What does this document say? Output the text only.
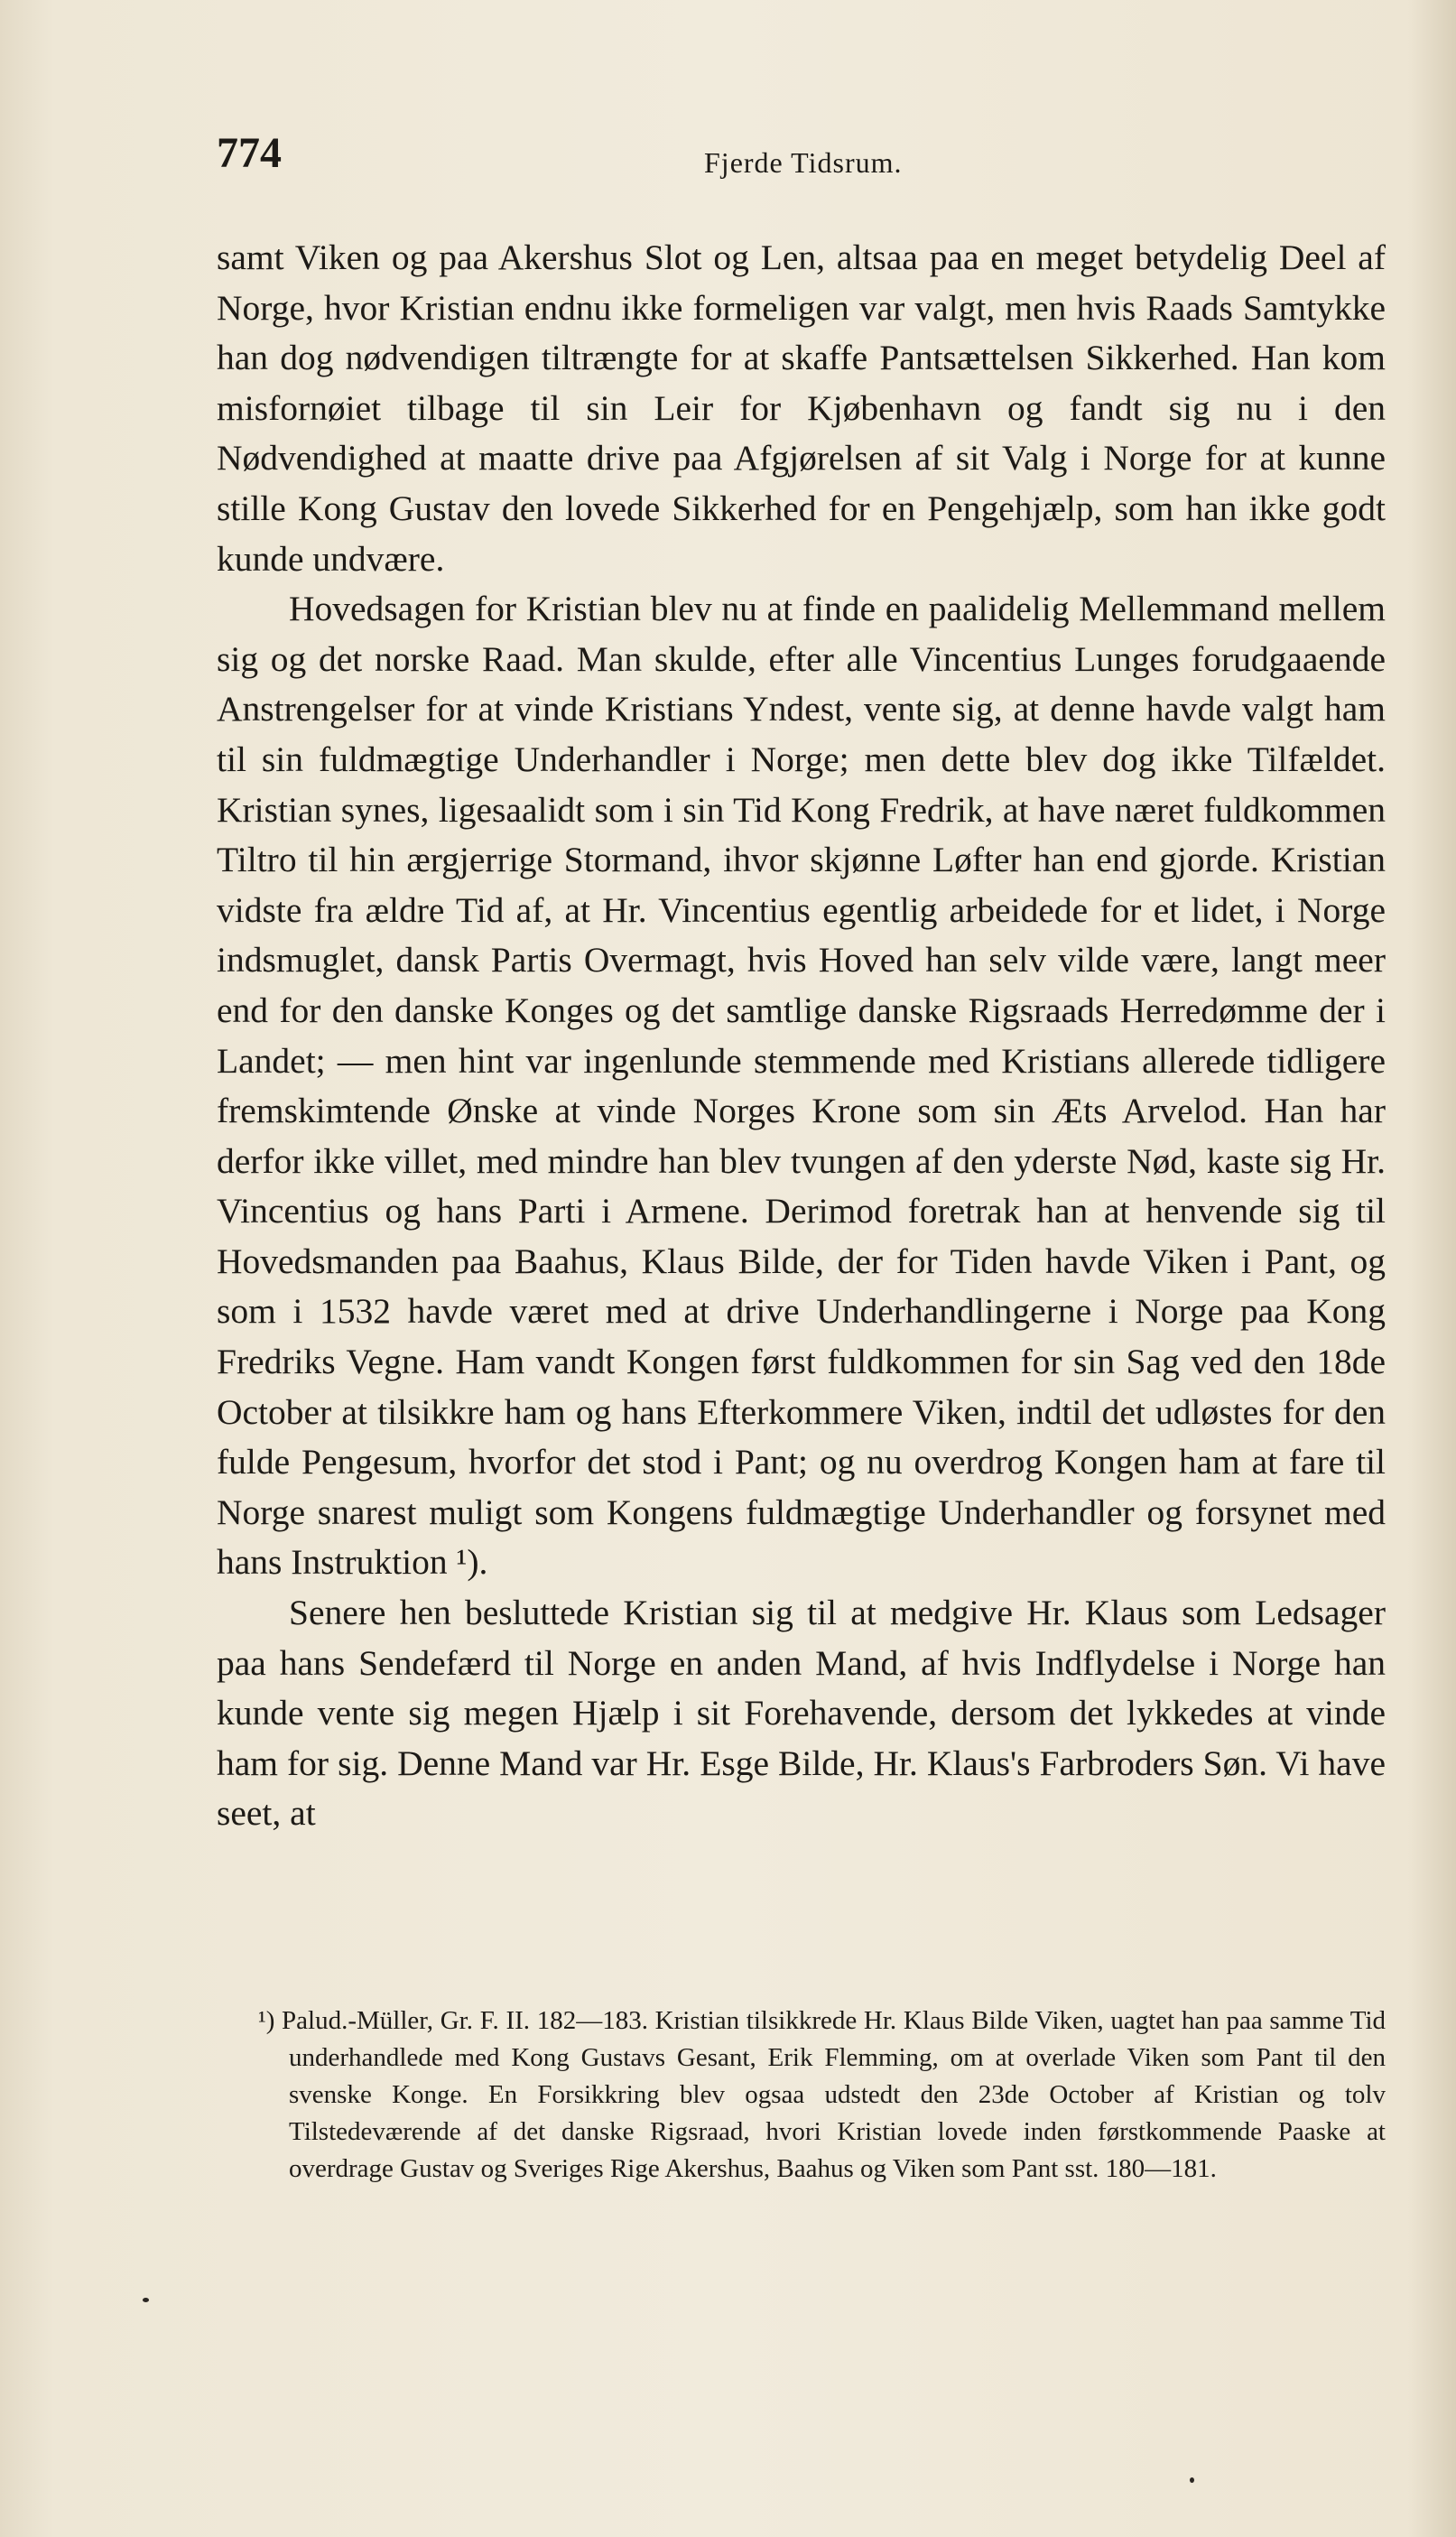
774	Fjerde Tidsrum.

samt Viken og paa Akershus Slot og Len, altsaa paa en meget betydelig Deel af Norge, hvor Kristian endnu ikke formeligen var valgt, men hvis Raads Samtykke han dog nødvendigen tiltrængte for at skaffe Pantsættelsen Sikkerhed. Han kom misfornøiet tilbage til sin Leir for Kjøbenhavn og fandt sig nu i den Nødvendighed at maatte drive paa Afgjørelsen af sit Valg i Norge for at kunne stille Kong Gustav den lovede Sikkerhed for en Pengehjælp, som han ikke godt kunde undvære.

Hovedsagen for Kristian blev nu at finde en paalidelig Mellemmand mellem sig og det norske Raad. Man skulde, efter alle Vincentius Lunges forudgaaende Anstrengelser for at vinde Kristians Yndest, vente sig, at denne havde valgt ham til sin fuldmægtige Underhandler i Norge; men dette blev dog ikke Tilfældet. Kristian synes, ligesaalidt som i sin Tid Kong Fredrik, at have næret fuldkommen Tiltro til hin ærgjerrige Stormand, ihvor skjønne Løfter han end gjorde. Kristian vidste fra ældre Tid af, at Hr. Vincentius egentlig arbeidede for et lidet, i Norge indsmuglet, dansk Partis Overmagt, hvis Hoved han selv vilde være, langt meer end for den danske Konges og det samtlige danske Rigsraads Herredømme der i Landet; — men hint var ingenlunde stemmende med Kristians allerede tidligere fremskimtende Ønske at vinde Norges Krone som sin Æts Arvelod. Han har derfor ikke villet, med mindre han blev tvungen af den yderste Nød, kaste sig Hr. Vincentius og hans Parti i Armene. Derimod foretrak han at henvende sig til Hovedsmanden paa Baahus, Klaus Bilde, der for Tiden havde Viken i Pant, og som i 1532 havde været med at drive Underhandlingerne i Norge paa Kong Fredriks Vegne. Ham vandt Kongen først fuldkommen for sin Sag ved den 18de October at tilsikkre ham og hans Efterkommere Viken, indtil det udløstes for den fulde Pengesum, hvorfor det stod i Pant; og nu overdrog Kongen ham at fare til Norge snarest muligt som Kongens fuldmægtige Underhandler og forsynet med hans Instruktion ¹).

Senere hen besluttede Kristian sig til at medgive Hr. Klaus som Ledsager paa hans Sendefærd til Norge en anden Mand, af hvis Indflydelse i Norge han kunde vente sig megen Hjælp i sit Forehavende, dersom det lykkedes at vinde ham for sig. Denne Mand var Hr. Esge Bilde, Hr. Klaus's Farbroders Søn. Vi have seet, at

¹) Palud.-Müller, Gr. F. II. 182—183. Kristian tilsikkrede Hr. Klaus Bilde Viken, uagtet han paa samme Tid underhandlede med Kong Gustavs Gesant, Erik Flemming, om at overlade Viken som Pant til den svenske Konge. En Forsikkring blev ogsaa udstedt den 23de October af Kristian og tolv Tilstedeværende af det danske Rigsraad, hvori Kristian lovede inden førstkommende Paaske at overdrage Gustav og Sveriges Rige Akershus, Baahus og Viken som Pant sst. 180—181.
